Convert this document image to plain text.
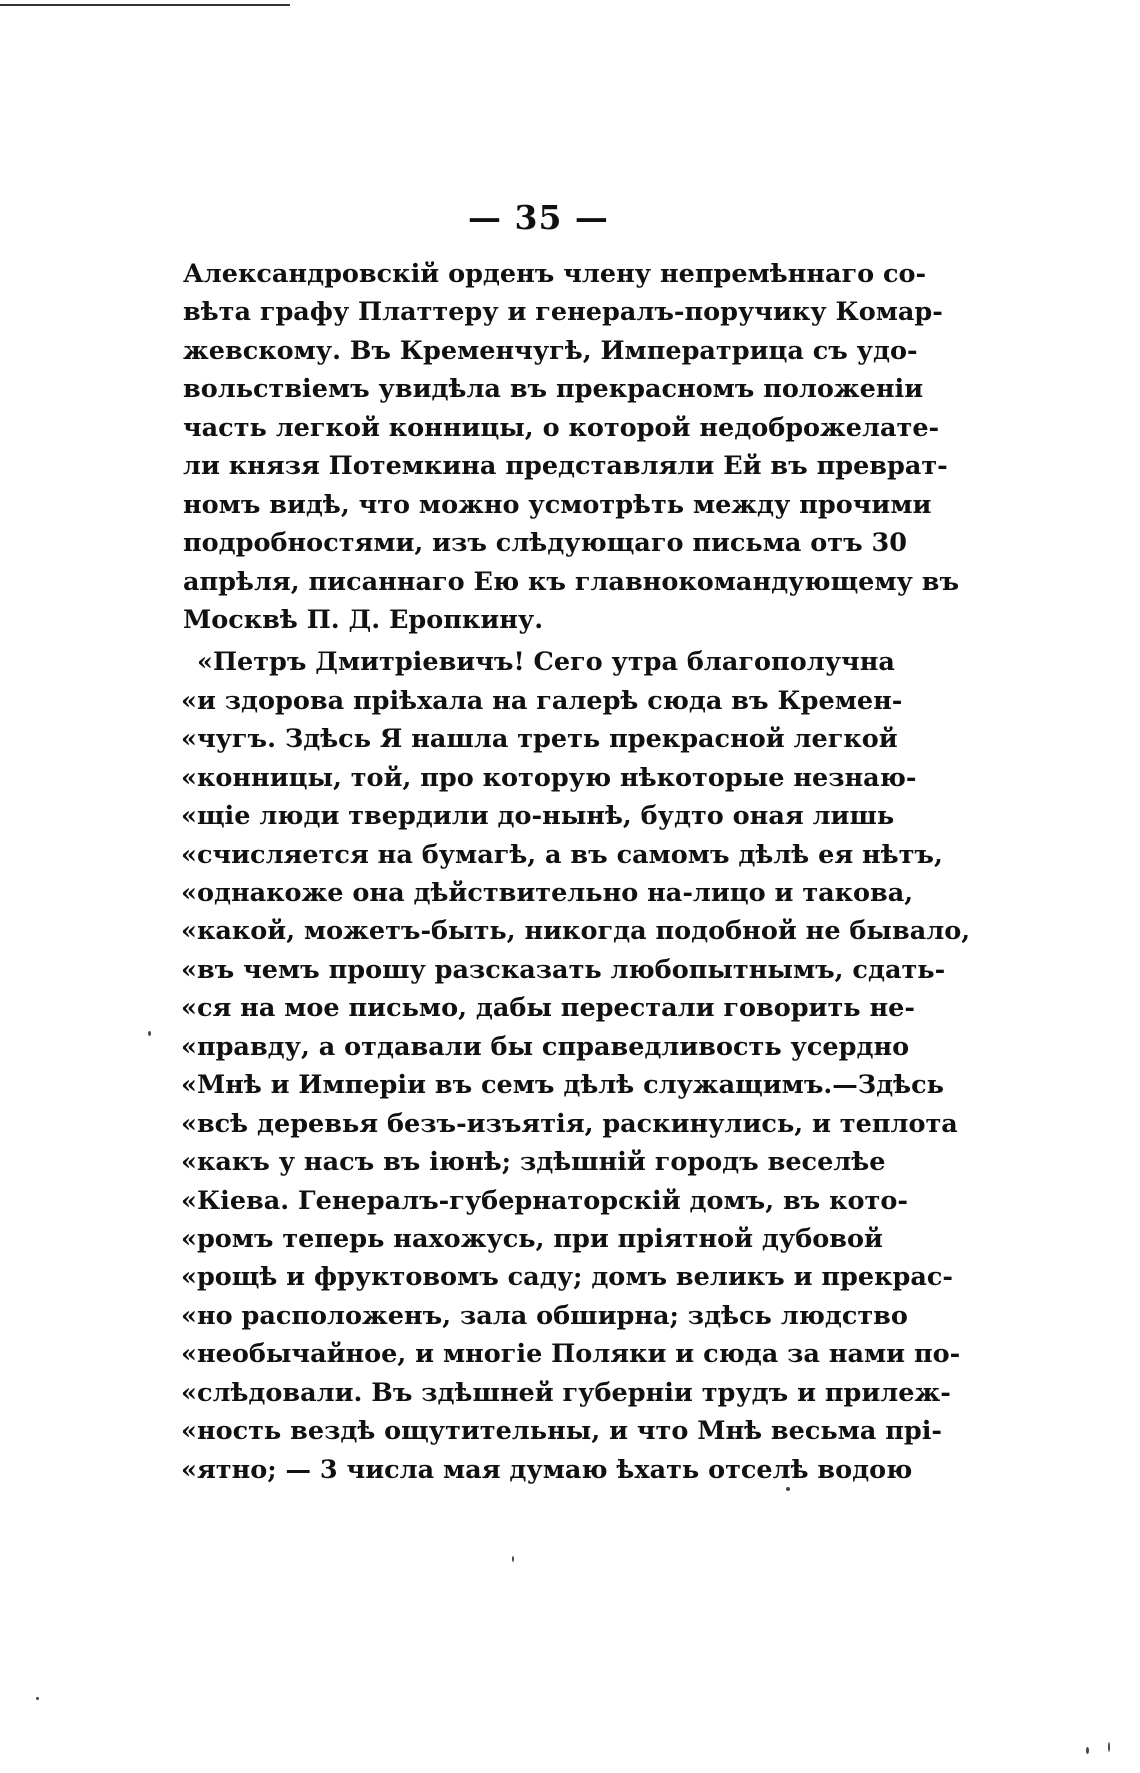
— 35 —
Александровскій орденъ члену непремѣннаго со-
вѣта графу Платтеру и генералъ-поручику Комар-
жевскому. Въ Кременчугѣ, Императрица съ удо-
вольствіемъ увидѣла въ прекрасномъ положеніи
часть легкой конницы, о которой недоброжелате-
ли князя Потемкина представляли Ей въ преврат-
номъ видѣ, что можно усмотрѣть между прочими
подробностями, изъ слѣдующаго письма отъ 30
апрѣля, писаннаго Ею къ главнокомандующему въ
Москвѣ П. Д. Еропкину.
«Петръ Дмитріевичъ! Сего утра благополучна
«и здорова пріѣхала на галерѣ сюда въ Кремен-
«чугъ. Здѣсь Я нашла треть прекрасной легкой
«конницы, той, про которую нѣкоторые незнаю-
«щіе люди твердили до-нынѣ, будто оная лишь
«счисляется на бумагѣ, а въ самомъ дѣлѣ ея нѣтъ,
«однакоже она дѣйствительно на-лицо и такова,
«какой, можетъ-быть, никогда подобной не бывало,
«въ чемъ прошу разсказать любопытнымъ, сдать-
«ся на мое письмо, дабы перестали говорить не-
«правду, а отдавали бы справедливость усердно
«Мнѣ и Имперіи въ семъ дѣлѣ служащимъ.—Здѣсь
«всѣ деревья безъ-изъятія, раскинулись, и теплота
«какъ у насъ въ іюнѣ; здѣшній городъ веселѣе
«Кіева. Генералъ-губернаторскій домъ, въ кото-
«ромъ теперь нахожусь, при пріятной дубовой
«рощѣ и фруктовомъ саду; домъ великъ и прекрас-
«но расположенъ, зала обширна; здѣсь людство
«необычайное, и многіе Поляки и сюда за нами по-
«слѣдовали. Въ здѣшней губерніи трудъ и прилеж-
«ность вездѣ ощутительны, и что Мнѣ весьма прі-
«ятно; — 3 числа мая думаю ѣхать отселѣ водою
